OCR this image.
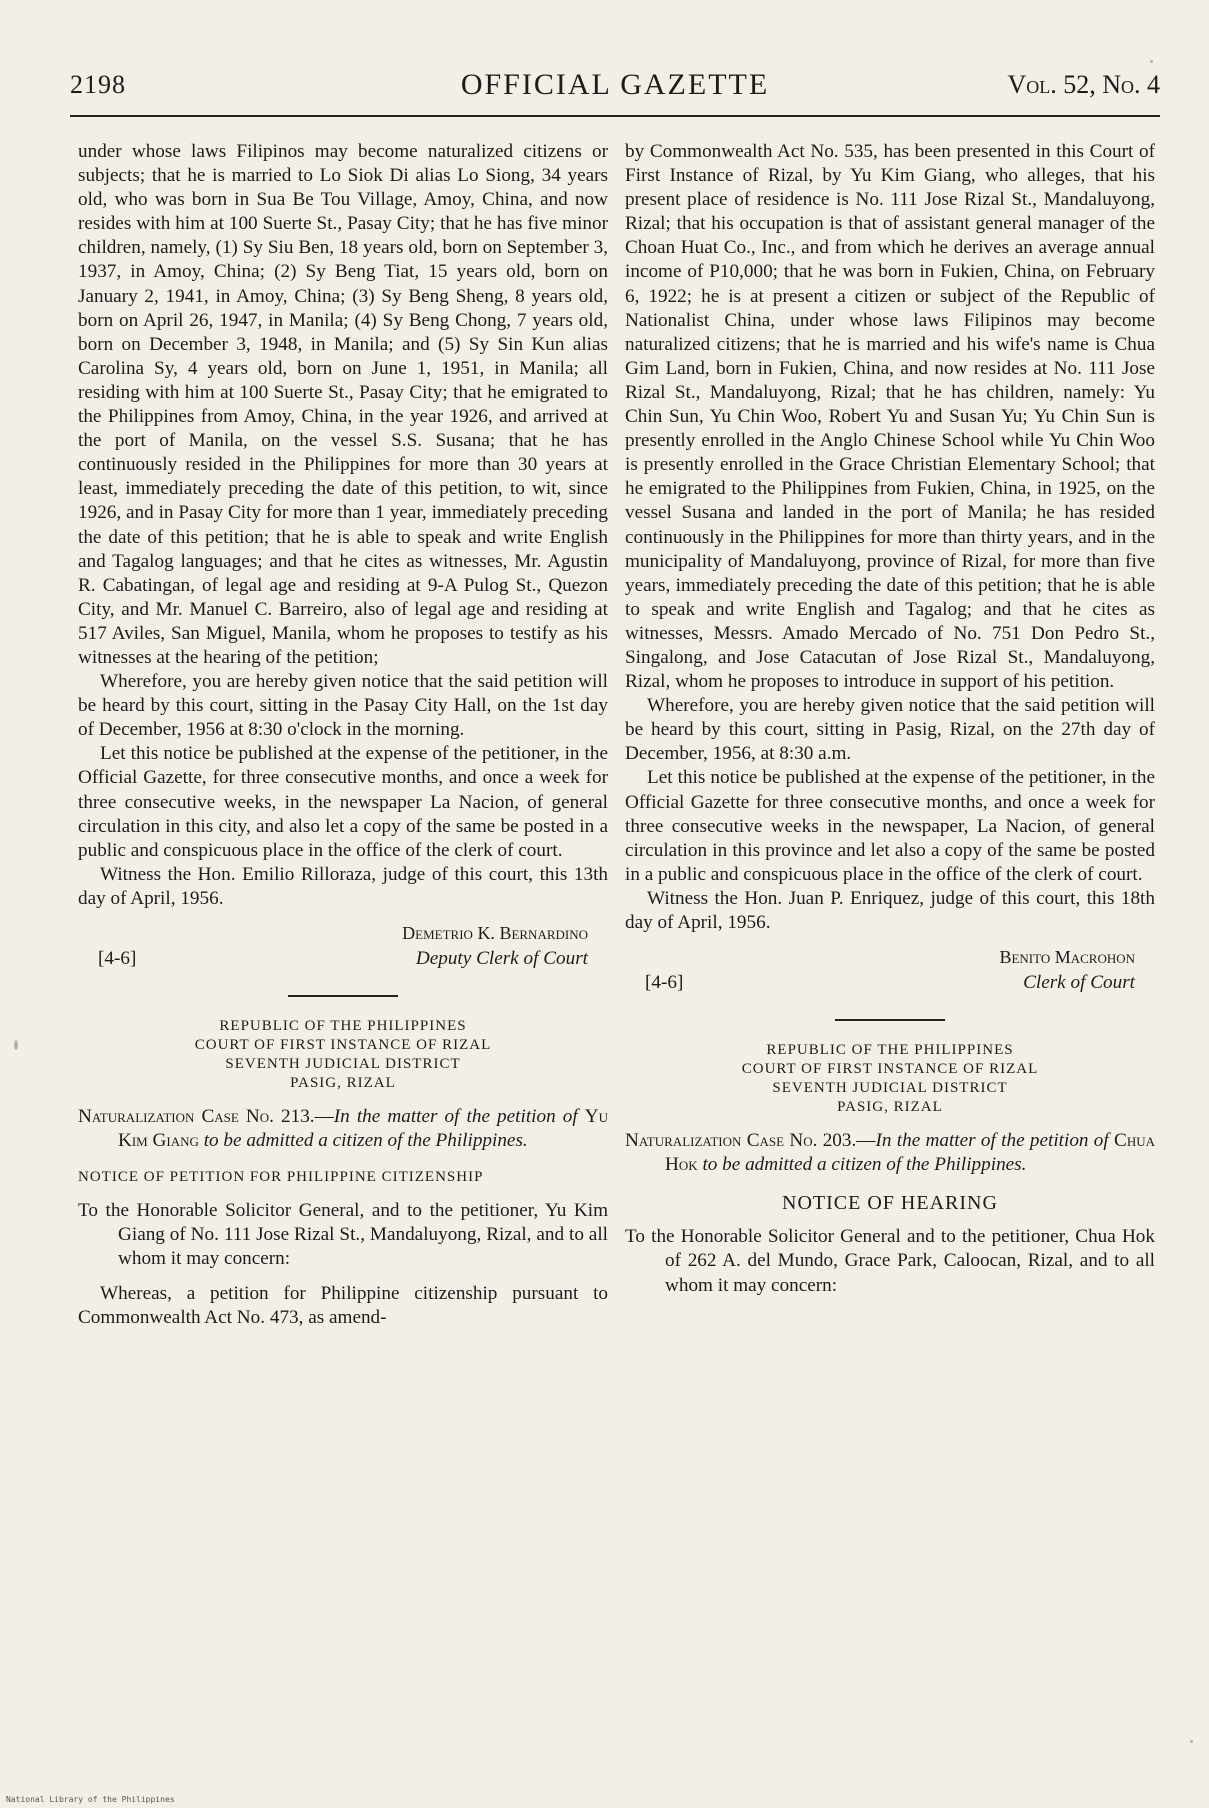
2198	OFFICIAL GAZETTE	Vol. 52, No. 4

under whose laws Filipinos may become naturalized citizens or subjects; that he is married to Lo Siok Di alias Lo Siong, 34 years old, who was born in Sua Be Tou Village, Amoy, China, and now resides with him at 100 Suerte St., Pasay City; that he has five minor children, namely, (1) Sy Siu Ben, 18 years old, born on September 3, 1937, in Amoy, China; (2) Sy Beng Tiat, 15 years old, born on January 2, 1941, in Amoy, China; (3) Sy Beng Sheng, 8 years old, born on April 26, 1947, in Manila; (4) Sy Beng Chong, 7 years old, born on December 3, 1948, in Manila; and (5) Sy Sin Kun alias Carolina Sy, 4 years old, born on June 1, 1951, in Manila; all residing with him at 100 Suerte St., Pasay City; that he emigrated to the Philippines from Amoy, China, in the year 1926, and arrived at the port of Manila, on the vessel S.S. Susana; that he has continuously resided in the Philippines for more than 30 years at least, immediately preceding the date of this petition, to wit, since 1926, and in Pasay City for more than 1 year, immediately preceding the date of this petition; that he is able to speak and write English and Tagalog languages; and that he cites as witnesses, Mr. Agustin R. Cabatingan, of legal age and residing at 9-A Pulog St., Quezon City, and Mr. Manuel C. Barreiro, also of legal age and residing at 517 Aviles, San Miguel, Manila, whom he proposes to testify as his witnesses at the hearing of the petition;

Wherefore, you are hereby given notice that the said petition will be heard by this court, sitting in the Pasay City Hall, on the 1st day of December, 1956 at 8:30 o'clock in the morning.

Let this notice be published at the expense of the petitioner, in the Official Gazette, for three consecutive months, and once a week for three consecutive weeks, in the newspaper La Nacion, of general circulation in this city, and also let a copy of the same be posted in a public and conspicuous place in the office of the clerk of court.

Witness the Hon. Emilio Rilloraza, judge of this court, this 13th day of April, 1956.

Demetrio K. Bernardino
[4-6]	Deputy Clerk of Court
REPUBLIC OF THE PHILIPPINES
COURT OF FIRST INSTANCE OF RIZAL
SEVENTH JUDICIAL DISTRICT
PASIG, RIZAL

Naturalization Case No. 213.—In the matter of the petition of Yu Kim Giang to be admitted a citizen of the Philippines.

NOTICE OF PETITION FOR PHILIPPINE CITIZENSHIP

To the Honorable Solicitor General, and to the petitioner, Yu Kim Giang of No. 111 Jose Rizal St., Mandaluyong, Rizal, and to all whom it may concern:

Whereas, a petition for Philippine citizenship pursuant to Commonwealth Act No. 473, as amend-

by Commonwealth Act No. 535, has been presented in this Court of First Instance of Rizal, by Yu Kim Giang, who alleges, that his present place of residence is No. 111 Jose Rizal St., Mandaluyong, Rizal; that his occupation is that of assistant general manager of the Choan Huat Co., Inc., and from which he derives an average annual income of P10,000; that he was born in Fukien, China, on February 6, 1922; he is at present a citizen or subject of the Republic of Nationalist China, under whose laws Filipinos may become naturalized citizens; that he is married and his wife's name is Chua Gim Land, born in Fukien, China, and now resides at No. 111 Jose Rizal St., Mandaluyong, Rizal; that he has children, namely: Yu Chin Sun, Yu Chin Woo, Robert Yu and Susan Yu; Yu Chin Sun is presently enrolled in the Anglo Chinese School while Yu Chin Woo is presently enrolled in the Grace Christian Elementary School; that he emigrated to the Philippines from Fukien, China, in 1925, on the vessel Susana and landed in the port of Manila; he has resided continuously in the Philippines for more than thirty years, and in the municipality of Mandaluyong, province of Rizal, for more than five years, immediately preceding the date of this petition; that he is able to speak and write English and Tagalog; and that he cites as witnesses, Messrs. Amado Mercado of No. 751 Don Pedro St., Singalong, and Jose Catacutan of Jose Rizal St., Mandaluyong, Rizal, whom he proposes to introduce in support of his petition.

Wherefore, you are hereby given notice that the said petition will be heard by this court, sitting in Pasig, Rizal, on the 27th day of December, 1956, at 8:30 a.m.

Let this notice be published at the expense of the petitioner, in the Official Gazette for three consecutive months, and once a week for three consecutive weeks in the newspaper, La Nacion, of general circulation in this province and let also a copy of the same be posted in a public and conspicuous place in the office of the clerk of court.

Witness the Hon. Juan P. Enriquez, judge of this court, this 18th day of April, 1956.

Benito Macrohon
[4-6]	Clerk of Court
REPUBLIC OF THE PHILIPPINES
COURT OF FIRST INSTANCE OF RIZAL
SEVENTH JUDICIAL DISTRICT
PASIG, RIZAL

Naturalization Case No. 203.—In the matter of the petition of Chua Hok to be admitted a citizen of the Philippines.

NOTICE OF HEARING

To the Honorable Solicitor General and to the petitioner, Chua Hok of 262 A. del Mundo, Grace Park, Caloocan, Rizal, and to all whom it may concern:

National Library of the Philippines
